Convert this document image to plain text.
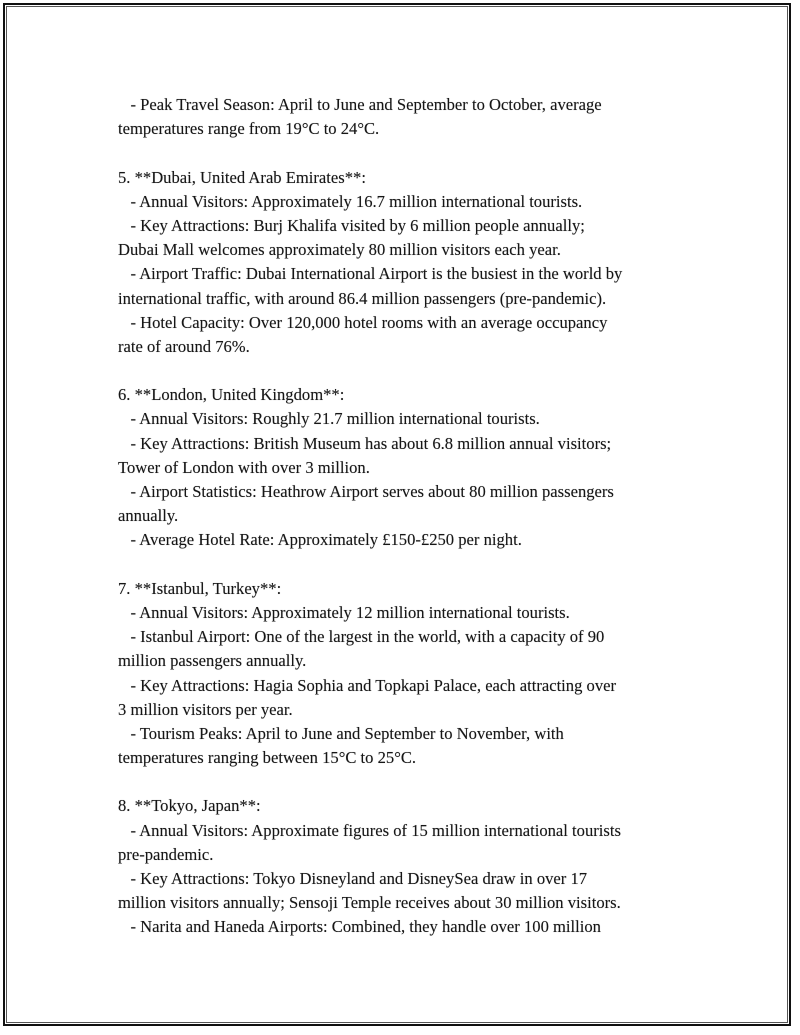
- Peak Travel Season: April to June and September to October, average
temperatures range from 19°C to 24°C.
5. **Dubai, United Arab Emirates**:
- Annual Visitors: Approximately 16.7 million international tourists.
- Key Attractions: Burj Khalifa visited by 6 million people annually;
Dubai Mall welcomes approximately 80 million visitors each year.
- Airport Traffic: Dubai International Airport is the busiest in the world by
international traffic, with around 86.4 million passengers (pre-pandemic).
- Hotel Capacity: Over 120,000 hotel rooms with an average occupancy
rate of around 76%.
6. **London, United Kingdom**:
- Annual Visitors: Roughly 21.7 million international tourists.
- Key Attractions: British Museum has about 6.8 million annual visitors;
Tower of London with over 3 million.
- Airport Statistics: Heathrow Airport serves about 80 million passengers
annually.
- Average Hotel Rate: Approximately £150-£250 per night.
7. **Istanbul, Turkey**:
- Annual Visitors: Approximately 12 million international tourists.
- Istanbul Airport: One of the largest in the world, with a capacity of 90
million passengers annually.
- Key Attractions: Hagia Sophia and Topkapi Palace, each attracting over
3 million visitors per year.
- Tourism Peaks: April to June and September to November, with
temperatures ranging between 15°C to 25°C.
8. **Tokyo, Japan**:
- Annual Visitors: Approximate figures of 15 million international tourists
pre-pandemic.
- Key Attractions: Tokyo Disneyland and DisneySea draw in over 17
million visitors annually; Sensoji Temple receives about 30 million visitors.
- Narita and Haneda Airports: Combined, they handle over 100 million
